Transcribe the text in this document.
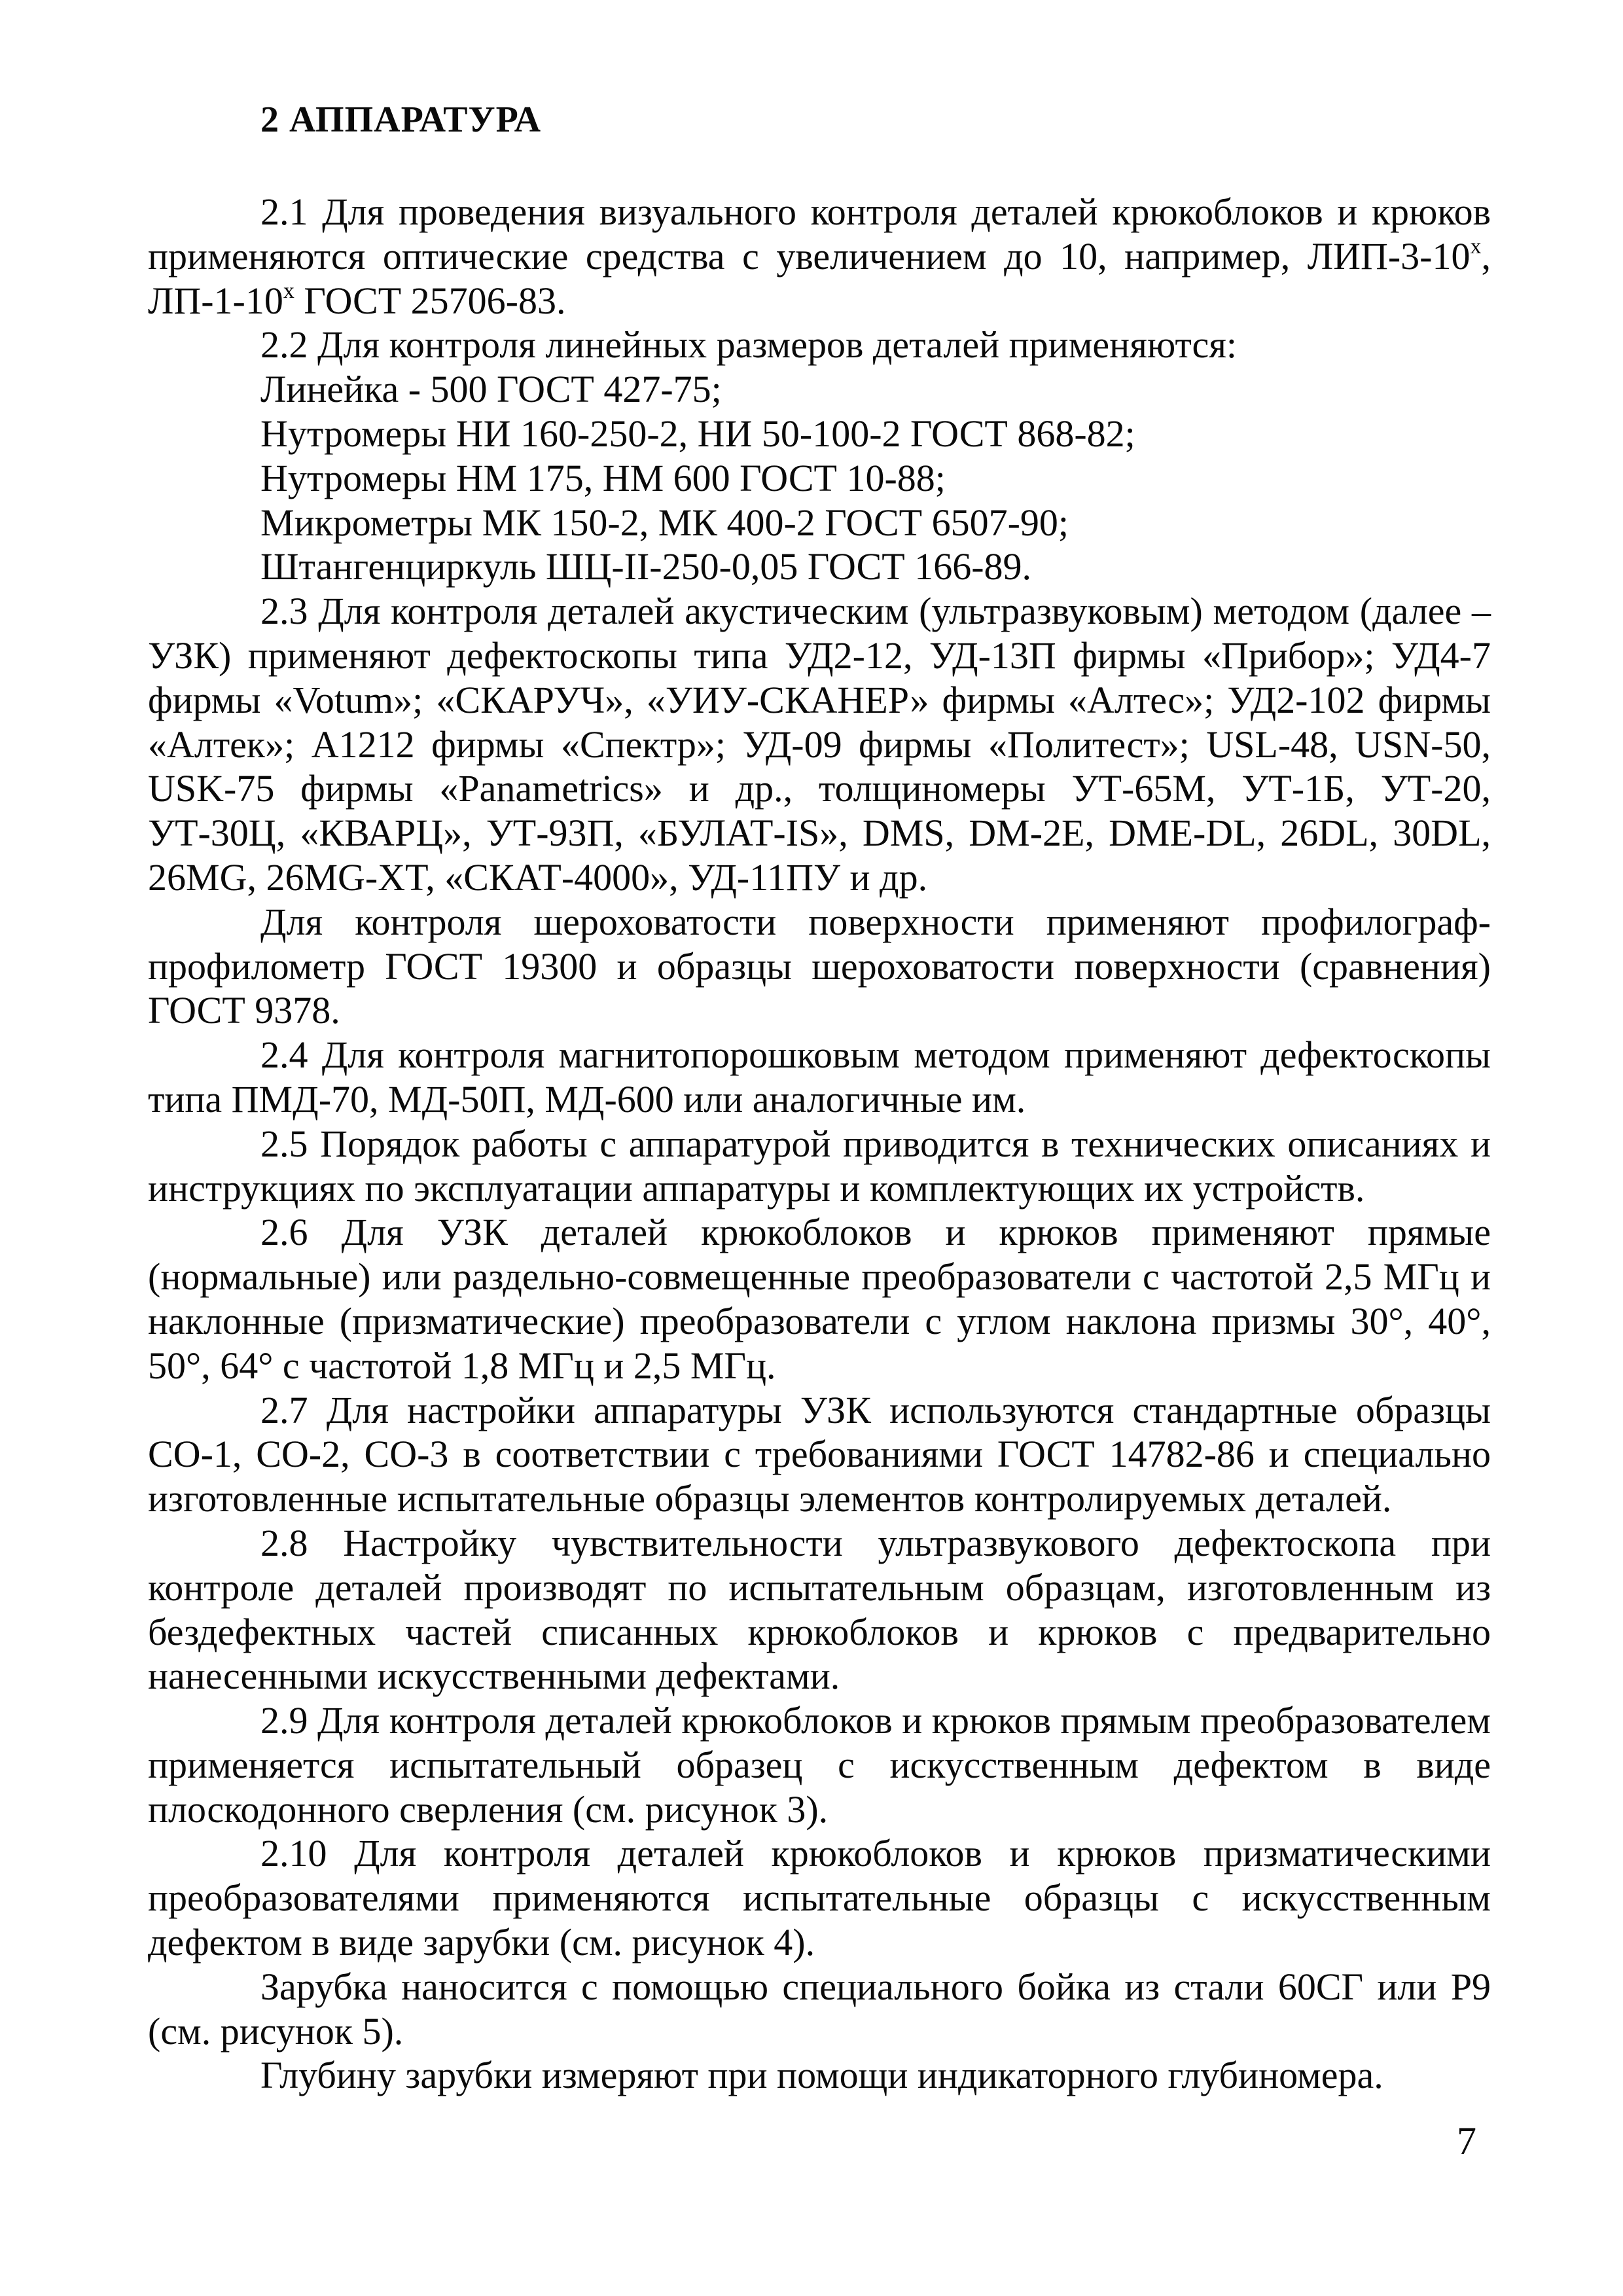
2 АППАРАТУРА

2.1 Для проведения визуального контроля деталей крюкоблоков и крюков применяются оптические средства с увеличением до 10, например, ЛИП-3-10$^x$, ЛП-1-10$^x$ ГОСТ 25706-83.

2.2 Для контроля линейных размеров деталей применяются:

Линейка - 500 ГОСТ 427-75;

Нутромеры НИ 160-250-2, НИ 50-100-2 ГОСТ 868-82;

Нутромеры НМ 175, НМ 600 ГОСТ 10-88;

Микрометры МК 150-2, МК 400-2 ГОСТ 6507-90;

Штангенциркуль ШЦ-II-250-0,05 ГОСТ 166-89.

2.3 Для контроля деталей акустическим (ультразвуковым) методом (далее – УЗК) применяют дефектоскопы типа УД2-12, УД-13П фирмы «Прибор»; УД4-7 фирмы «Votum»; «СКАРУЧ», «УИУ-СКАНЕР» фирмы «Алтес»; УД2-102 фирмы «Алтек»; А1212 фирмы «Спектр»; УД-09 фирмы «Политест»; USL-48, USN-50, USK-75 фирмы «Panametrics» и др., толщиномеры УТ-65М, УТ-1Б, УТ-20, УТ-30Ц, «КВАРЦ», УТ-93П, «БУЛАТ-IS», DMS, DM-2E, DME-DL, 26DL, 30DL, 26MG, 26MG-XT, «СКАТ-4000», УД-11ПУ и др.

Для контроля шероховатости поверхности применяют профилограф-профилометр ГОСТ 19300 и образцы шероховатости поверхности (сравнения) ГОСТ 9378.

2.4 Для контроля магнитопорошковым методом применяют дефектоскопы типа ПМД-70, МД-50П, МД-600 или аналогичные им.

2.5 Порядок работы с аппаратурой приводится в технических описаниях и инструкциях по эксплуатации аппаратуры и комплектующих их устройств.

2.6 Для УЗК деталей крюкоблоков и крюков применяют прямые (нормальные) или раздельно-совмещенные преобразователи с частотой 2,5 МГц и наклонные (призматические) преобразователи с углом наклона призмы 30°, 40°, 50°, 64° с частотой 1,8 МГц и 2,5 МГц.

2.7 Для настройки аппаратуры УЗК используются стандартные образцы СО-1, СО-2, СО-3 в соответствии с требованиями ГОСТ 14782-86 и специально изготовленные испытательные образцы элементов контролируемых деталей.

2.8 Настройку чувствительности ультразвукового дефектоскопа при контроле деталей производят по испытательным образцам, изготовленным из бездефектных частей списанных крюкоблоков и крюков с предварительно нанесенными искусственными дефектами.

2.9 Для контроля деталей крюкоблоков и крюков прямым преобразователем применяется испытательный образец с искусственным дефектом в виде плоскодонного сверления (см. рисунок 3).

2.10 Для контроля деталей крюкоблоков и крюков призматическими преобразователями применяются испытательные образцы с искусственным дефектом в виде зарубки (см. рисунок 4).

Зарубка наносится с помощью специального бойка из стали 60СГ или Р9 (см. рисунок 5).

Глубину зарубки измеряют при помощи индикаторного глубиномера.

7
